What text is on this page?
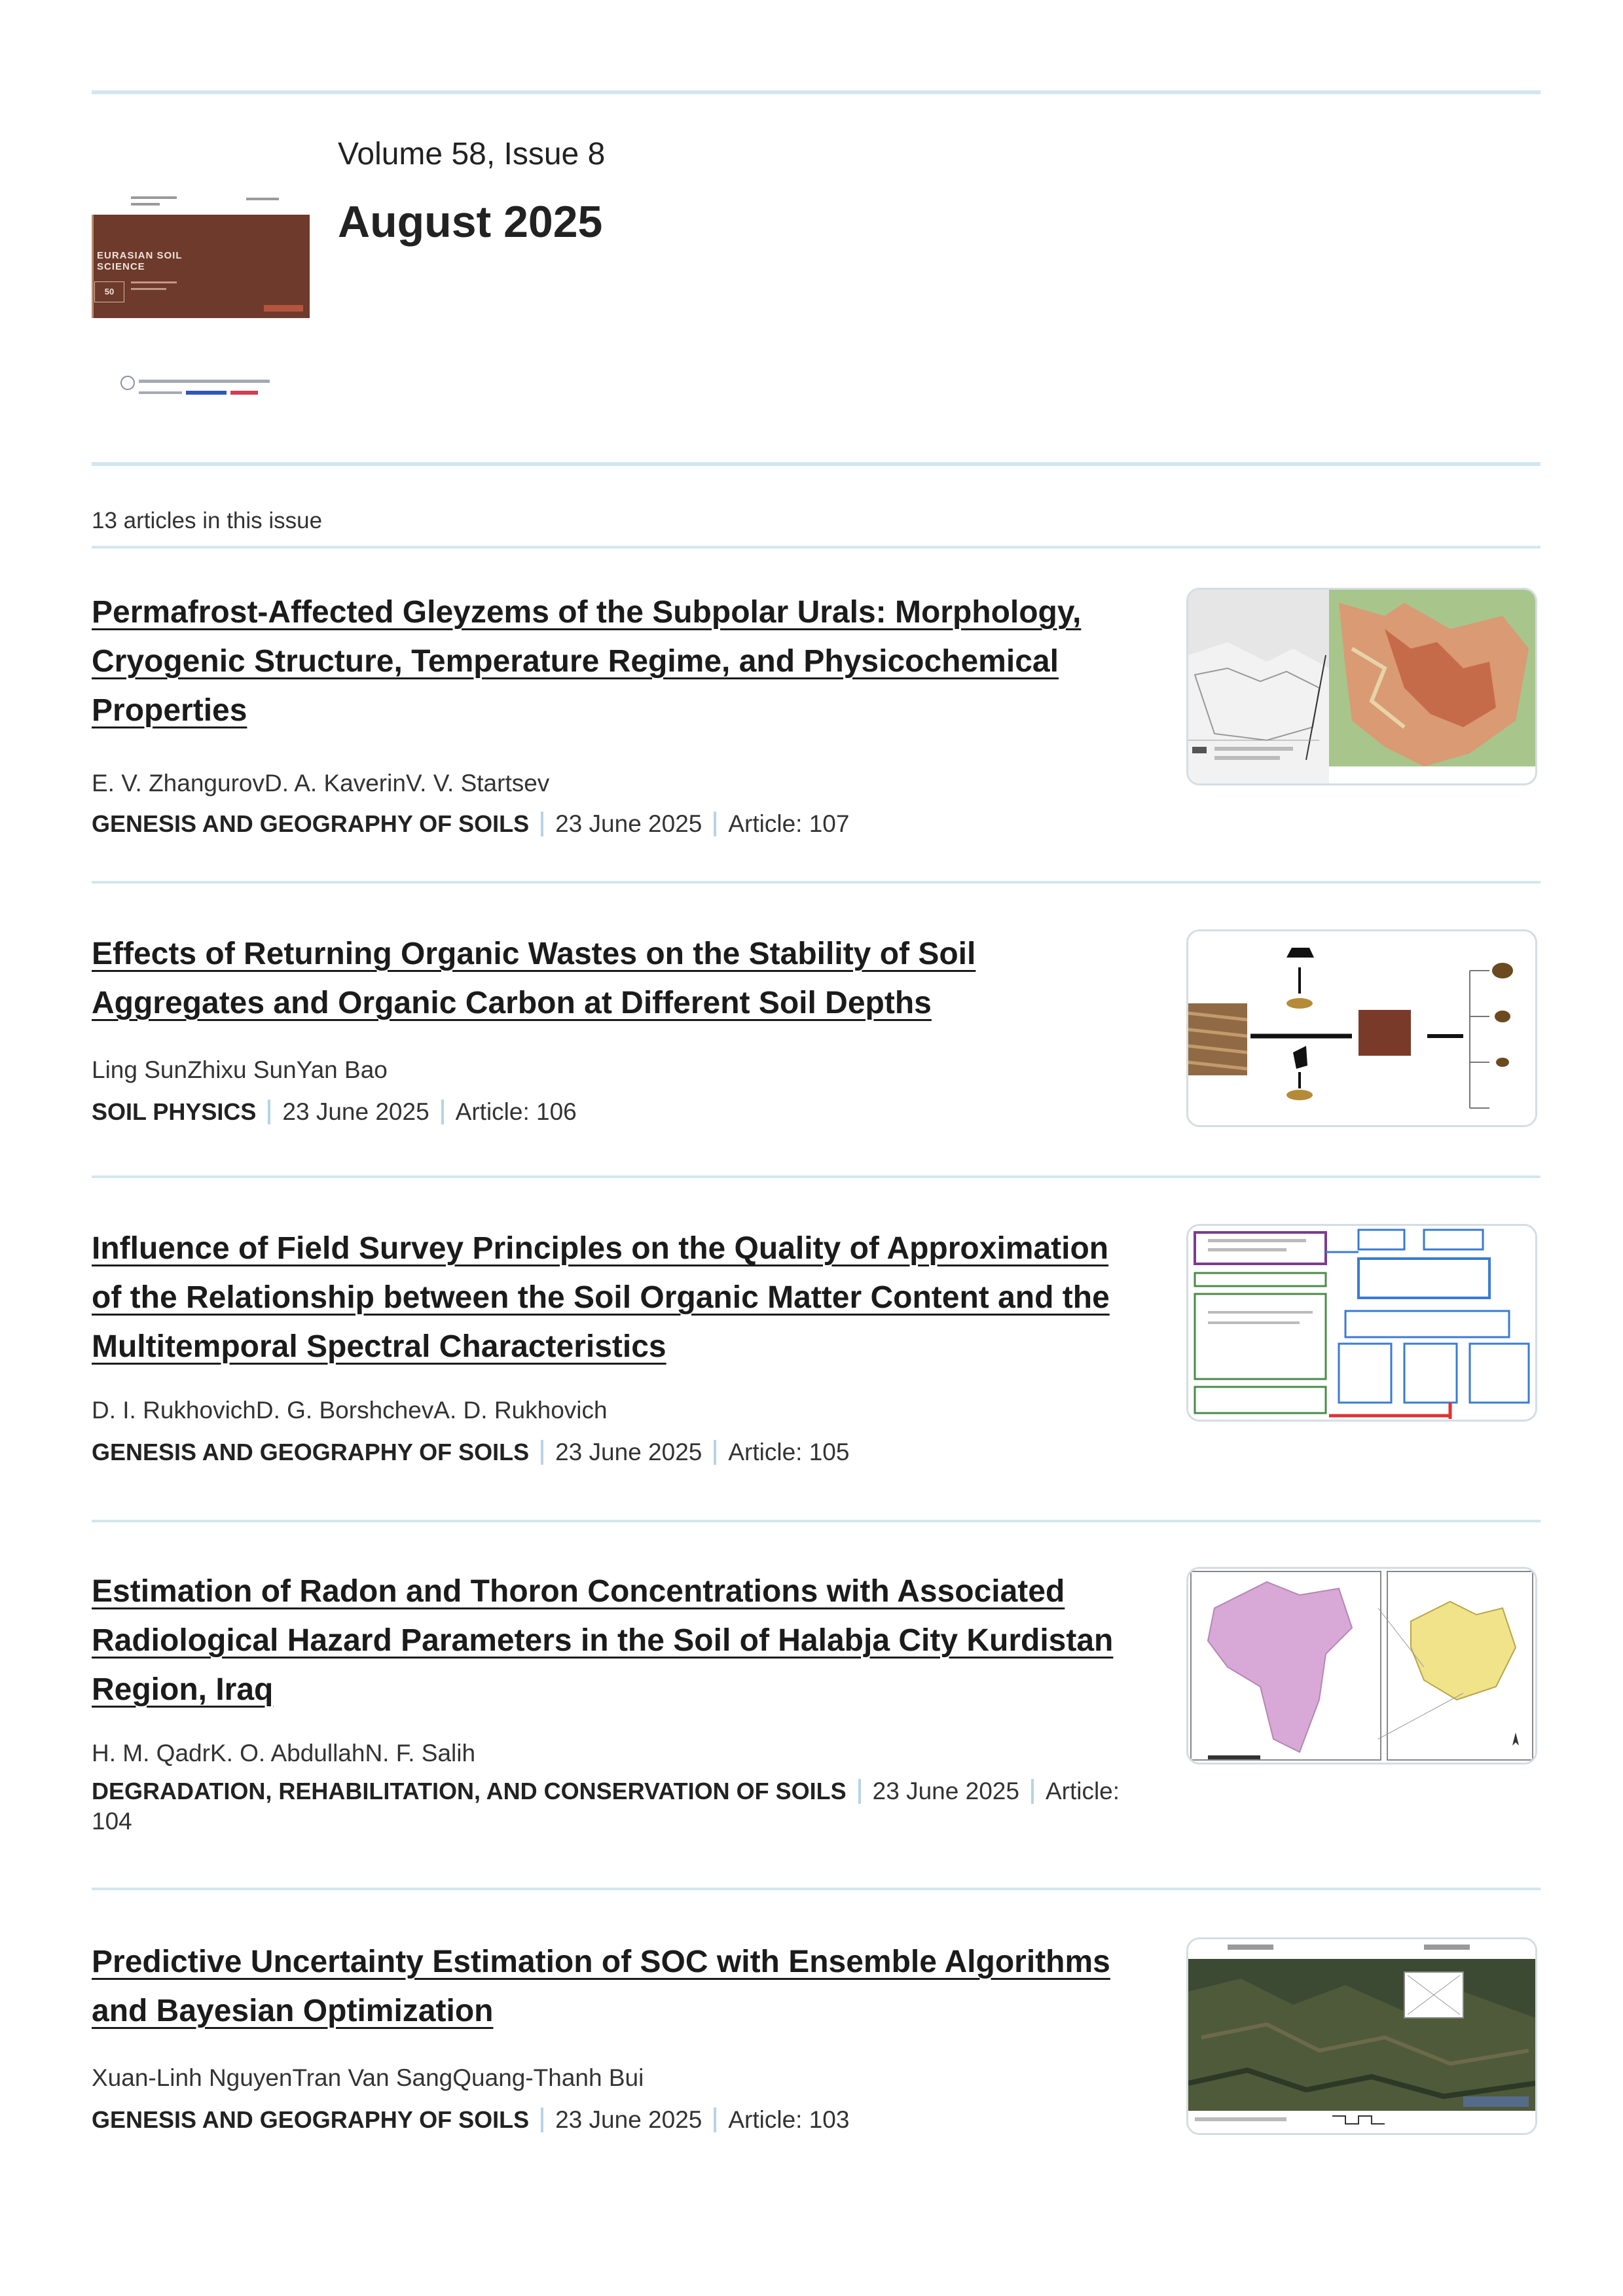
EURASIAN SOIL SCIENCE
50
Volume 58, Issue 8
August 2025
13 articles in this issue
Permafrost-Affected Gleyzems of the Subpolar Urals: Morphology, Cryogenic Structure, Temperature Regime, and Physicochemical Properties
E. V. ZhangurovD. A. KaverinV. V. Startsev
GENESIS AND GEOGRAPHY OF SOILS 23 June 2025 Article: 107
Effects of Returning Organic Wastes on the Stability of Soil Aggregates and Organic Carbon at Different Soil Depths
Ling SunZhixu SunYan Bao
SOIL PHYSICS 23 June 2025 Article: 106
Influence of Field Survey Principles on the Quality of Approximation of the Relationship between the Soil Organic Matter Content and the Multitemporal Spectral Characteristics
D. I. RukhovichD. G. BorshchevA. D. Rukhovich
GENESIS AND GEOGRAPHY OF SOILS 23 June 2025 Article: 105
Estimation of Radon and Thoron Concentrations with Associated Radiological Hazard Parameters in the Soil of Halabja City Kurdistan Region, Iraq
H. M. QadrK. O. AbdullahN. F. Salih
DEGRADATION, REHABILITATION, AND CONSERVATION OF SOILS 23 June 2025 Article: 104
Predictive Uncertainty Estimation of SOC with Ensemble Algorithms and Bayesian Optimization
Xuan-Linh NguyenTran Van SangQuang-Thanh Bui
GENESIS AND GEOGRAPHY OF SOILS 23 June 2025 Article: 103
